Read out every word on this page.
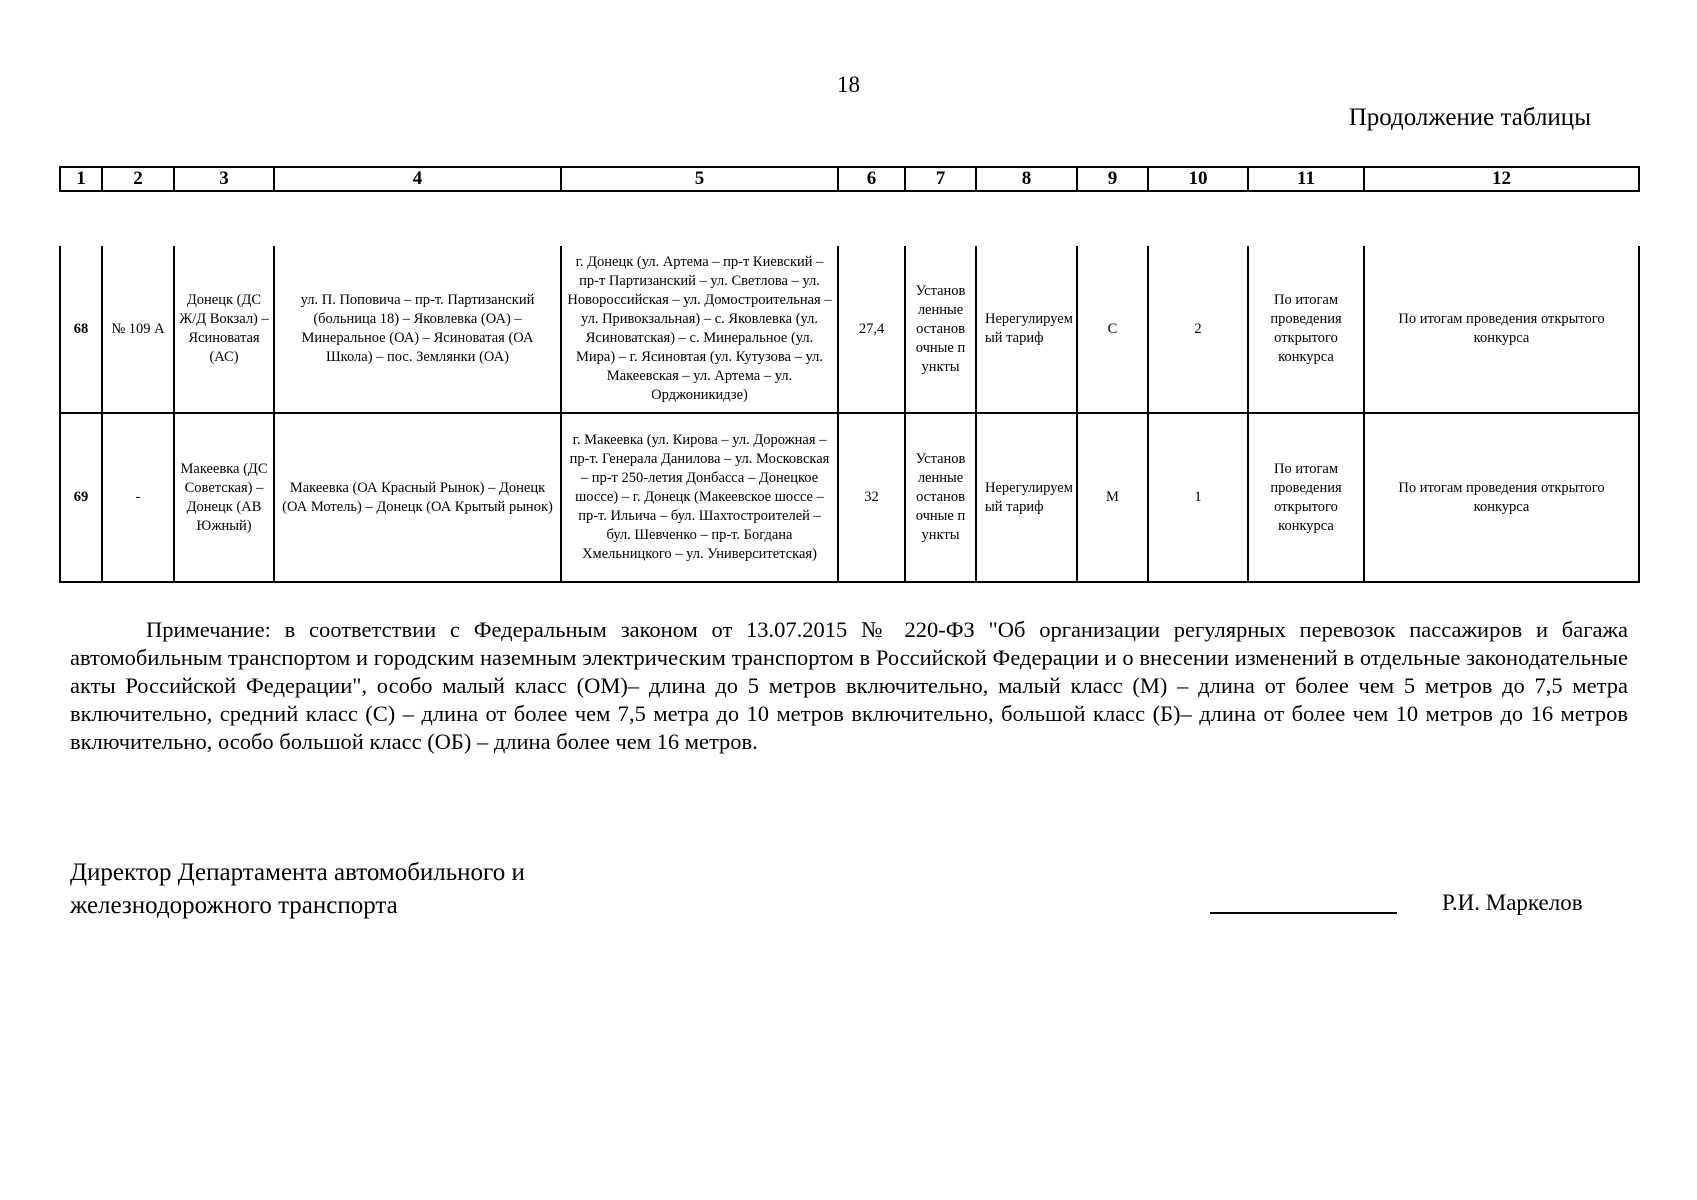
18
Продолжение таблицы
1	2	3	4	5	6	7	8	9	10	11	12
68	№ 109 А	Донецк (ДС Ж/Д Вокзал) – Ясиноватая (АС)	ул. П. Поповича – пр-т. Партизанский (больница 18) – Яковлевка (ОА) – Минеральное (ОА) – Ясиноватая (ОА Школа) – пос. Землянки (ОА)	г. Донецк (ул. Артема – пр-т Киевский – пр-т Партизанский – ул. Светлова – ул. Новороссийская – ул. Домостроительная – ул. Привокзальная) – с. Яковлевка (ул. Ясиноватская) – с. Минеральное (ул. Мира) – г. Ясиновтая (ул. Кутузова – ул. Макеевская – ул. Артема – ул. Орджоникидзе)	27,4	Установленные остановочные пункты	Нерегулируемый тариф	С	2	По итогам проведения открытого конкурса	По итогам проведения открытого конкурса
69	-	Макеевка (ДС Советская) – Донецк (АВ Южный)	Макеевка (ОА Красный Рынок) – Донецк (ОА Мотель) – Донецк (ОА Крытый рынок)	г. Макеевка (ул. Кирова – ул. Дорожная – пр-т. Генерала Данилова – ул. Московская – пр-т 250-летия Донбасса – Донецкое шоссе) – г. Донецк (Макеевское шоссе – пр-т. Ильича – бул. Шахтостроителей – бул. Шевченко – пр-т. Богдана Хмельницкого – ул. Университетская)	32	Установленные остановочные пункты	Нерегулируемый тариф	М	1	По итогам проведения открытого конкурса	По итогам проведения открытого конкурса
Примечание: в соответствии с Федеральным законом от 13.07.2015 № 220-ФЗ "Об организации регулярных перевозок пассажиров и багажа автомобильным транспортом и городским наземным электрическим транспортом в Российской Федерации и о внесении изменений в отдельные законодательные акты Российской Федерации", особо малый класс (ОМ)– длина до 5 метров включительно, малый класс (М) – длина от более чем 5 метров до 7,5 метра включительно, средний класс (С) – длина от более чем 7,5 метра до 10 метров включительно, большой класс (Б)– длина от более чем 10 метров до 16 метров включительно, особо большой класс (ОБ) – длина более чем 16 метров.
Директор Департамента автомобильного и
железнодорожного транспорта	Р.И. Маркелов
